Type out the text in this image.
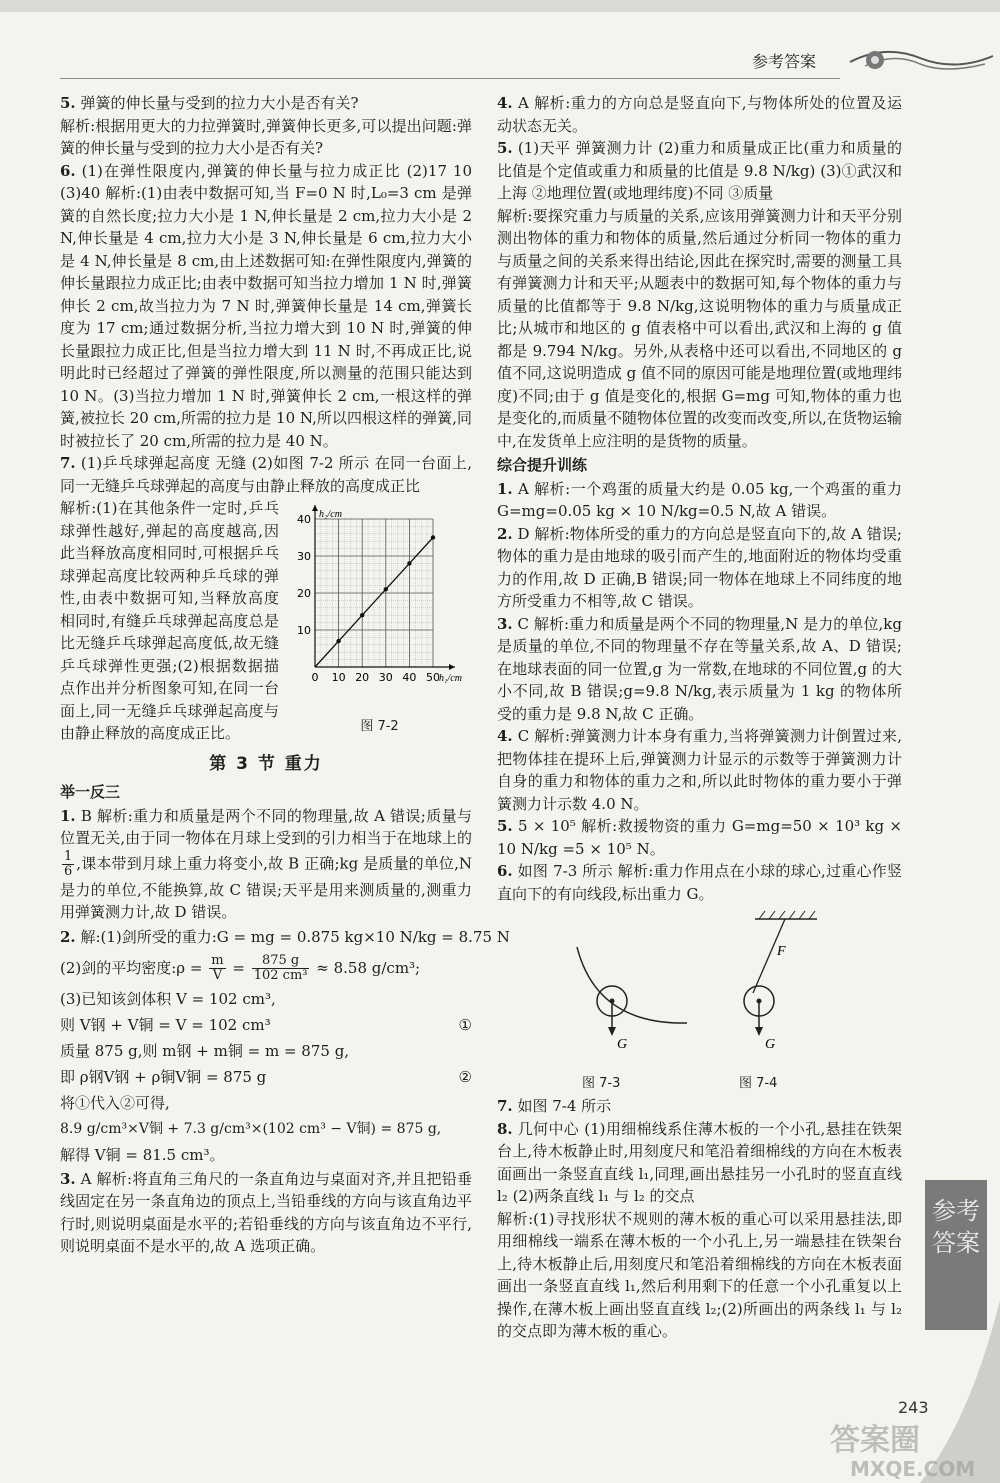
参考答案

5. 弹簧的伸长量与受到的拉力大小是否有关?
解析:根据用更大的力拉弹簧时,弹簧伸长更多,可以提出问题:弹簧的伸长量与受到的拉力大小是否有关?

6. (1)在弹性限度内,弹簧的伸长量与拉力成正比 (2)17 10 (3)40 解析:(1)由表中数据可知,当 F=0 N 时,L₀=3 cm 是弹簧的自然长度;拉力大小是 1 N,伸长量是 2 cm,拉力大小是 2 N,伸长量是 4 cm,拉力大小是 3 N,伸长量是 6 cm,拉力大小是 4 N,伸长量是 8 cm,由上述数据可知:在弹性限度内,弹簧的伸长量跟拉力成正比;由表中数据可知当拉力增加 1 N 时,弹簧伸长 2 cm,故当拉力为 7 N 时,弹簧伸长量是 14 cm,弹簧长度为 17 cm;通过数据分析,当拉力增大到 10 N 时,弹簧的伸长量跟拉力成正比,但是当拉力增大到 11 N 时,不再成正比,说明此时已经超过了弹簧的弹性限度,所以测量的范围只能达到 10 N。(3)当拉力增加 1 N 时,弹簧伸长 2 cm,一根这样的弹簧,被拉长 20 cm,所需的拉力是 10 N,所以四根这样的弹簧,同时被拉长了 20 cm,所需的拉力是 40 N。

7. (1)乒乓球弹起高度 无缝 (2)如图 7-2 所示 在同一台面上,同一无缝乒乓球弹起的高度与由静止释放的高度成正比

0 10 20 30 40 50
10
20
30
40
h₁/cm
h₂/cm
图 7-2
解析:(1)在其他条件一定时,乒乓球弹性越好,弹起的高度越高,因此当释放高度相同时,可根据乒乓球弹起高度比较两种乒乓球的弹性,由表中数据可知,当释放高度相同时,有缝乒乓球弹起高度总是比无缝乒乓球弹起高度低,故无缝乒乓球弹性更强;(2)根据数据描点作出并分析图象可知,在同一台面上,同一无缝乒乓球弹起高度与由静止释放的高度成正比。
第 3 节 重力
举一反三

1. B 解析:重力和质量是两个不同的物理量,故 A 错误;质量与位置无关,由于同一物体在月球上受到的引力相当于在地球上的
$\frac{1}{6}$ ,课本带到月球上重力将变小,故 B 正确;kg 是质量的单位,N 是力的单位,不能换算,故 C 错误;天平是用来测质量的,测重力用弹簧测力计,故 D 错误。

2. 解:(1)剑所受的重力:G = mg = 0.875 kg×10 N/kg = 8.75 N

(2)剑的平均密度:ρ = $\frac{m}{V} = \frac{875 g}{\text{102 cm³}} \approx 8.58$ g/cm³;

(3)已知该剑体积 V = 102 cm³,

则 V钢 + V铜 = V = 102 cm³	①

质量 875 g,则 m钢 + m铜 = m = 875 g,

即 ρ钢V钢 + ρ铜V铜 = 875 g	②

将①代入②可得,

8.9 g/cm³×V铜 + 7.3 g/cm³×(102 cm³ − V铜) = 875 g,

解得 V铜 = 81.5 cm³。

3. A 解析:将直角三角尺的一条直角边与桌面对齐,并且把铅垂线固定在另一条直角边的顶点上,当铅垂线的方向与该直角边平行时,则说明桌面是水平的;若铅垂线的方向与该直角边不平行,则说明桌面不是水平的,故 A 选项正确。

4. A 解析:重力的方向总是竖直向下,与物体所处的位置及运动状态无关。

5. (1)天平 弹簧测力计 (2)重力和质量成正比(重力和质量的比值是个定值或重力和质量的比值是 9.8 N/kg) (3)①武汉和上海 ②地理位置(或地理纬度)不同 ③质量
解析:要探究重力与质量的关系,应该用弹簧测力计和天平分别测出物体的重力和物体的质量,然后通过分析同一物体的重力与质量之间的关系来得出结论,因此在探究时,需要的测量工具有弹簧测力计和天平;从题表中的数据可知,每个物体的重力与质量的比值都等于 9.8 N/kg,这说明物体的重力与质量成正比;从城市和地区的 g 值表格中可以看出,武汉和上海的 g 值都是 9.794 N/kg。另外,从表格中还可以看出,不同地区的 g 值不同,这说明造成 g 值不同的原因可能是地理位置(或地理纬度)不同;由于 g 值是变化的,根据 G=mg 可知,物体的重力也是变化的,而质量不随物体位置的改变而改变,所以,在货物运输中,在发货单上应注明的是货物的质量。

综合提升训练

1. A 解析:一个鸡蛋的质量大约是 0.05 kg,一个鸡蛋的重力 G=mg=0.05 kg × 10 N/kg=0.5 N,故 A 错误。

2. D 解析:物体所受的重力的方向总是竖直向下的,故 A 错误;物体的重力是由地球的吸引而产生的,地面附近的物体均受重力的作用,故 D 正确,B 错误;同一物体在地球上不同纬度的地方所受重力不相等,故 C 错误。

3. C 解析:重力和质量是两个不同的物理量,N 是力的单位,kg 是质量的单位,不同的物理量不存在等量关系,故 A、D 错误;在地球表面的同一位置,g 为一常数,在地球的不同位置,g 的大小不同,故 B 错误;g=9.8 N/kg,表示质量为 1 kg 的物体所受的重力是 9.8 N,故 C 正确。

4. C 解析:弹簧测力计本身有重力,当将弹簧测力计倒置过来,把物体挂在提环上后,弹簧测力计显示的示数等于弹簧测力计自身的重力和物体的重力之和,所以此时物体的重力要小于弹簧测力计示数 4.0 N。

5. 5 × 10⁵ 解析:救援物资的重力 G=mg=50 × 10³ kg × 10 N/kg =5 × 10⁵ N。

6. 如图 7-3 所示 解析:重力作用点在小球的球心,过重心作竖直向下的有向线段,标出重力 G。

G	G
F
图 7-3	图 7-4

7. 如图 7-4 所示

8. 几何中心 (1)用细棉线系住薄木板的一个小孔,悬挂在铁架台上,待木板静止时,用刻度尺和笔沿着细棉线的方向在木板表面画出一条竖直直线 l₁,同理,画出悬挂另一小孔时的竖直直线 l₂ (2)两条直线 l₁ 与 l₂ 的交点
解析:(1)寻找形状不规则的薄木板的重心可以采用悬挂法,即用细棉线一端系在薄木板的一个小孔上,另一端悬挂在铁架台上,待木板静止后,用刻度尺和笔沿着细棉线的方向在木板表面画出一条竖直直线 l₁,然后利用剩下的任意一个小孔重复以上操作,在薄木板上画出竖直直线 l₂;(2)所画出的两条线 l₁ 与 l₂ 的交点即为薄木板的重心。

参考答案
243
答案圈
MXQE.COM
